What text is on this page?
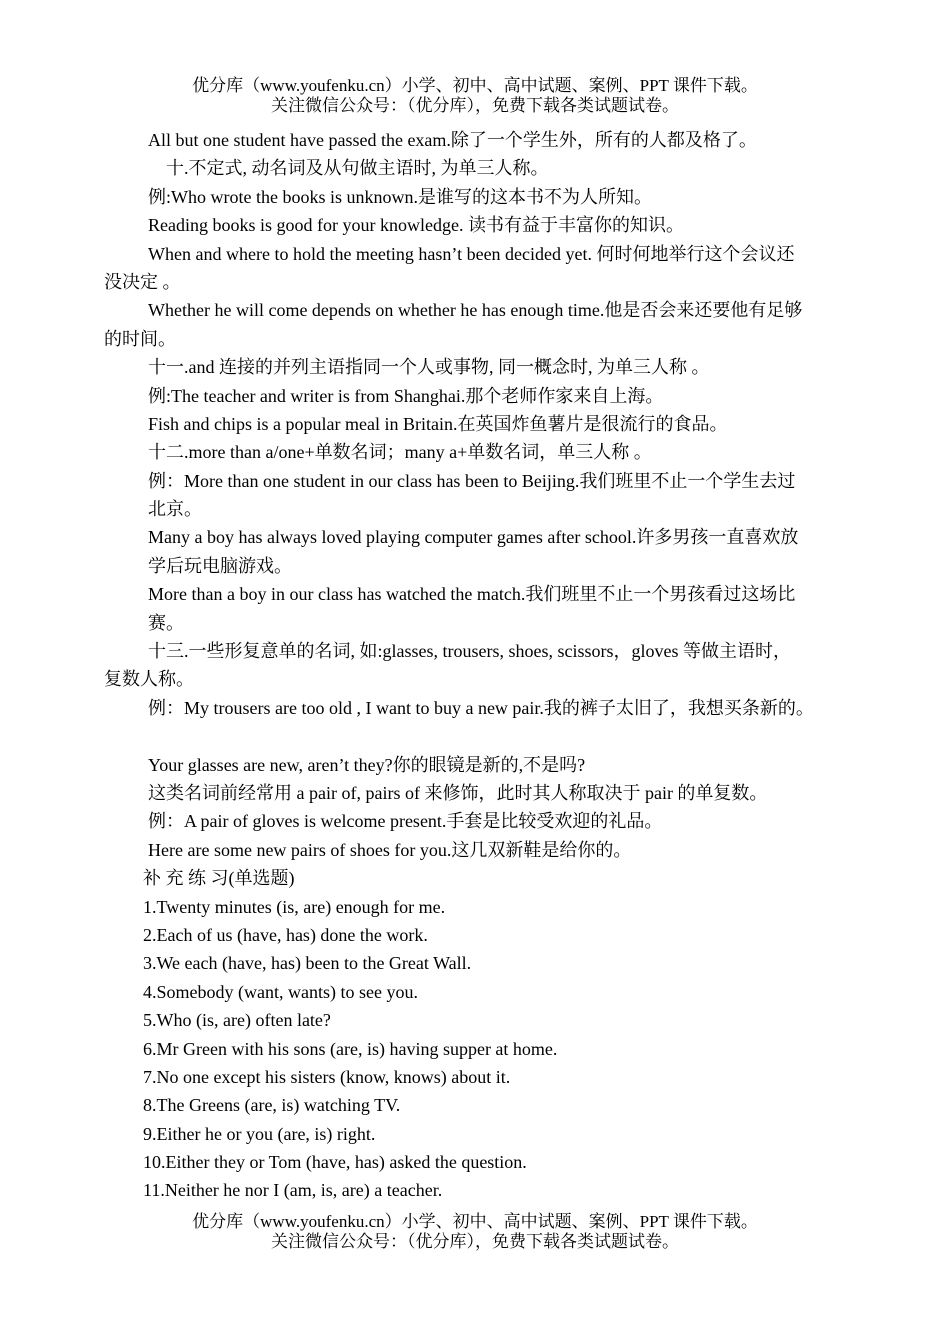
优分库（www.youfenku.cn）小学、初中、高中试题、案例、PPT 课件下载。
关注微信公众号：（优分库），免费下载各类试题试卷。
All but one student have passed the exam.除了一个学生外，所有的人都及格了。
十.不定式, 动名词及从句做主语时, 为单三人称。
例:Who wrote the books is unknown.是谁写的这本书不为人所知。
Reading books is good for your knowledge. 读书有益于丰富你的知识。
When and where to hold the meeting hasn’t been decided yet. 何时何地举行这个会议还
没决定 。
Whether he will come depends on whether he has enough time.他是否会来还要他有足够
的时间。
十一.and 连接的并列主语指同一个人或事物, 同一概念时, 为单三人称 。
例:The teacher and writer is from Shanghai.那个老师作家来自上海。
Fish and chips is a popular meal in Britain.在英国炸鱼薯片是很流行的食品。
十二.more than a/one+单数名词；many a+单数名词，单三人称 。
例：More than one student in our class has been to Beijing.我们班里不止一个学生去过
北京。
Many a boy has always loved playing computer games after school.许多男孩一直喜欢放
学后玩电脑游戏。
More than a boy in our class has watched the match.我们班里不止一个男孩看过这场比
赛。
十三.一些形复意单的名词, 如:glasses, trousers, shoes, scissors，gloves 等做主语时，
复数人称。
例：My trousers are too old , I want to buy a new pair.我的裤子太旧了，我想买条新的。
Your glasses are new, aren’t they?你的眼镜是新的,不是吗?
这类名词前经常用 a pair of, pairs of 来修饰，此时其人称取决于 pair 的单复数。
例：A pair of gloves is welcome present.手套是比较受欢迎的礼品。
Here are some new pairs of shoes for you.这几双新鞋是给你的。
补 充 练 习(单选题)
1.Twenty minutes (is, are) enough for me.
2.Each of us (have, has) done the work.
3.We each (have, has) been to the Great Wall.
4.Somebody (want, wants) to see you.
5.Who (is, are) often late?
6.Mr Green with his sons (are, is) having supper at home.
7.No one except his sisters (know, knows) about it.
8.The Greens (are, is) watching TV.
9.Either he or you (are, is) right.
10.Either they or Tom (have, has) asked the question.
11.Neither he nor I (am, is, are) a teacher.
优分库（www.youfenku.cn）小学、初中、高中试题、案例、PPT 课件下载。
关注微信公众号：（优分库），免费下载各类试题试卷。
